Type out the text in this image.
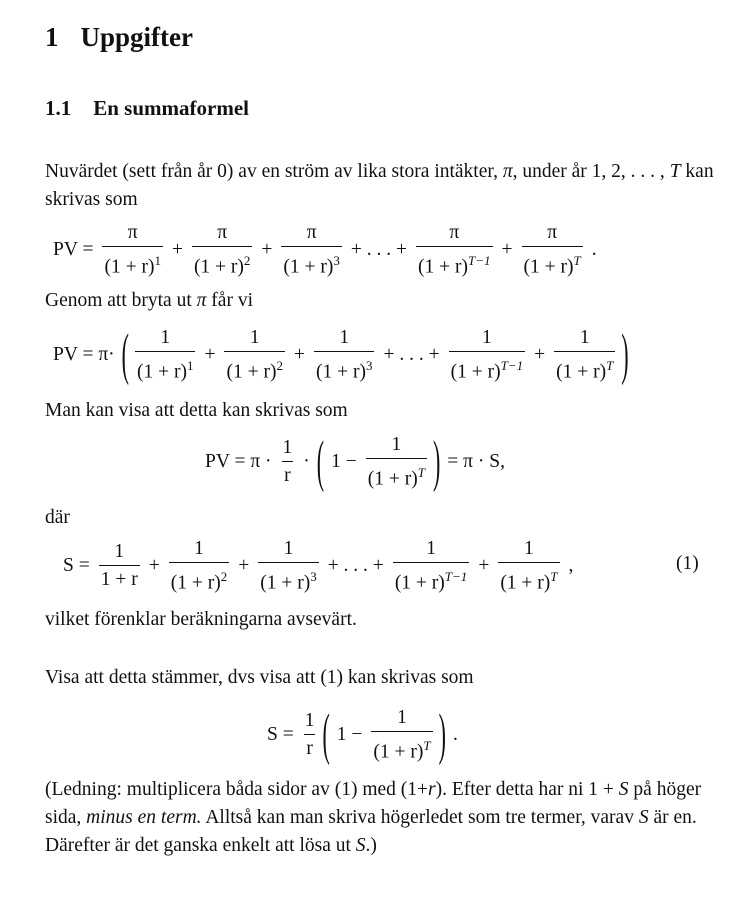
1 Uppgifter
1.1 En summaformel
Nuvärdet (sett från år 0) av en ström av lika stora intäkter, π, under år 1, 2, . . . , T kan skrivas som
PV = $\frac{\pi}{(1 + r)^1} + \frac{\pi}{(1 + r)^2} + \frac{\pi}{(1 + r)^3}$ + . . . + $\frac{\pi}{(1 + r)^{T-1}} + \frac{\pi}{(1 + r)^T}$ .
Genom att bryta ut π får vi
PV = π· ( $\frac{1}{(1 + r)^1} + \frac{1}{(1 + r)^2} + \frac{1}{(1 + r)^3}$ + . . . + $\frac{1}{(1 + r)^{T-1}} + \frac{1}{(1 + r)^T}$ )
Man kan visa att detta kan skrivas som
PV = $\pi \cdot \frac{1}{r}$ · ( $1 - \frac{1}{(1 + r)^T}$ ) = π · S,
där
$S = \frac{1}{1 + r} + \frac{1}{(1 + r)^2} + \frac{1}{(1 + r)^3}$ + . . . + $\frac{1}{(1 + r)^{T-1}} + \frac{1}{(1 + r)^T}$ ,	(1)
vilket förenklar beräkningarna avsevärt.
Visa att detta stämmer, dvs visa att (1) kan skrivas som
$S = \frac{1}{r}$ ( $1 - \frac{1}{(1 + r)^T}$ ) .
(Ledning: multiplicera båda sidor av (1) med (1+r). Efter detta har ni 1 + S på höger sida, minus en term. Alltså kan man skriva högerledet som tre termer, varav S är en. Därefter är det ganska enkelt att lösa ut S.)
